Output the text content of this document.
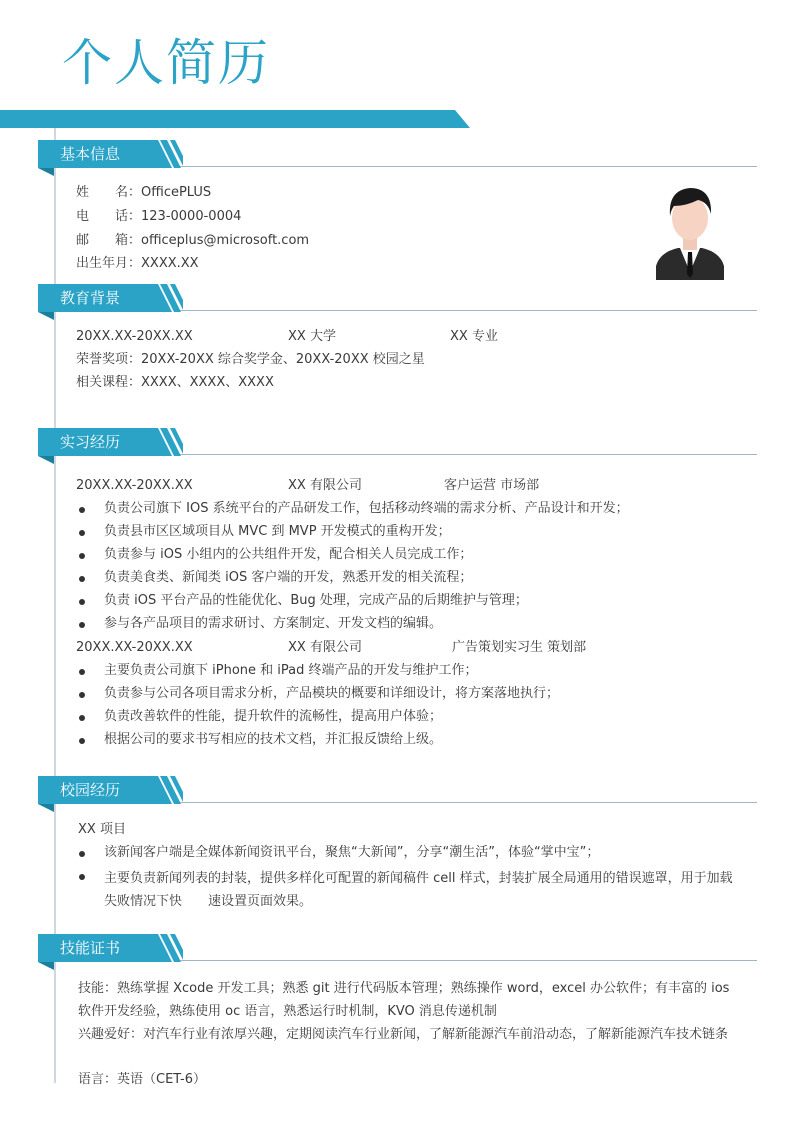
个人简历
基本信息
姓　　名：OfficePLUS
电　　话：123-0000-0004
邮　　箱：officeplus@microsoft.com
出生年月：XXXX.XX
教育背景
20XX.XX-20XX.XX	XX 大学	XX 专业
荣誉奖项：20XX-20XX 综合奖学金、20XX-20XX 校园之星
相关课程：XXXX、XXXX、XXXX
实习经历
20XX.XX-20XX.XX	XX 有限公司	客户运营 市场部
负责公司旗下 IOS 系统平台的产品研发工作，包括移动终端的需求分析、产品设计和开发；
负责县市区区域项目从 MVC 到 MVP 开发模式的重构开发；
负责参与 iOS 小组内的公共组件开发，配合相关人员完成工作；
负责美食类、新闻类 iOS 客户端的开发，熟悉开发的相关流程；
负责 iOS 平台产品的性能优化、Bug 处理，完成产品的后期维护与管理；
参与各产品项目的需求研讨、方案制定、开发文档的编辑。
20XX.XX-20XX.XX	XX 有限公司	广告策划实习生 策划部
主要负责公司旗下 iPhone 和 iPad 终端产品的开发与维护工作；
负责参与公司各项目需求分析，产品模块的概要和详细设计，将方案落地执行；
负责改善软件的性能，提升软件的流畅性，提高用户体验；
根据公司的要求书写相应的技术文档，并汇报反馈给上级。
校园经历
XX 项目
该新闻客户端是全媒体新闻资讯平台，聚焦“大新闻”，分享“潮生活”，体验“掌中宝”；
主要负责新闻列表的封装，提供多样化可配置的新闻稿件 cell 样式，封装扩展全局通用的错误遮罩，用于加载失败情况下快　　速设置页面效果。
技能证书
技能：熟练掌握 Xcode 开发工具；熟悉 git 进行代码版本管理；熟练操作 word，excel 办公软件；有丰富的 ios 软件开发经验，熟练使用 oc 语言，熟悉运行时机制，KVO 消息传递机制
兴趣爱好：对汽车行业有浓厚兴趣，定期阅读汽车行业新闻，了解新能源汽车前沿动态，了解新能源汽车技术链条
语言：英语（CET-6）
